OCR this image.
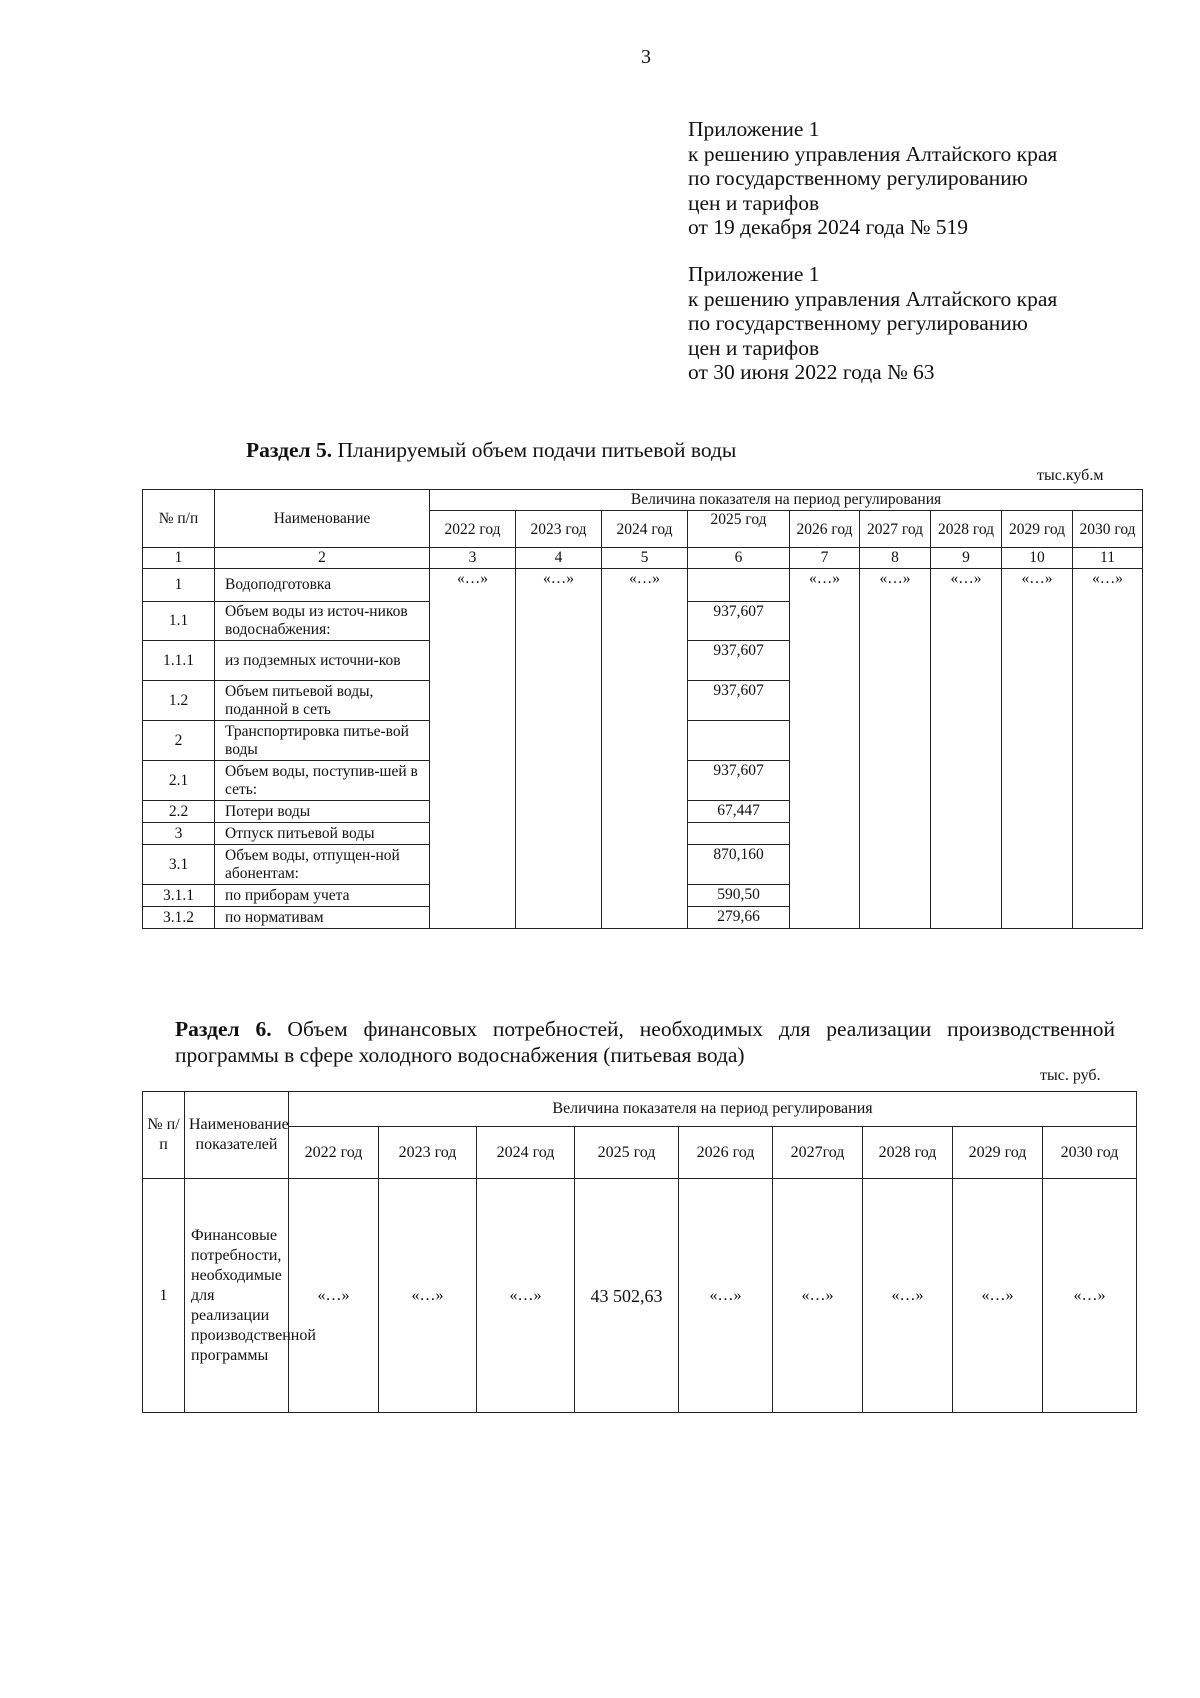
3
Приложение 1
к решению управления Алтайского края
по государственному регулированию
цен и тарифов
от 19 декабря 2024 года № 519
Приложение 1
к решению управления Алтайского края
по государственному регулированию
цен и тарифов
от 30 июня 2022 года № 63
Раздел 5. Планируемый объем подачи питьевой воды
тыс.куб.м
№ п/п	Наименование	Величина показателя на период регулирования								
		2022 год	2023 год	2024 год	2025 год	2026 год	2027 год	2028 год	2029 год	2030 год
1	2	3	4	5	6	7	8	9	10	11
1	Водоподготовка	«…»	«…»	«…»		«…»	«…»	«…»	«…»	«…»
1.1	Объем воды из источ-ников водоснабжения:				937,607					
1.1.1	из подземных источни-ков				937,607					
1.2	Объем питьевой воды, поданной в сеть				937,607					
2	Транспортировка питье-вой воды									
2.1	Объем воды, поступив-шей в сеть:				937,607					
2.2	Потери воды				67,447					
3	Отпуск питьевой воды									
3.1	Объем воды, отпущен-ной абонентам:				870,160					
3.1.1	по приборам учета				590,50					
3.1.2	по нормативам				279,66					
Раздел 6. Объем финансовых потребностей, необходимых для реализации производственной программы в сфере холодного водоснабжения (питьевая вода)
тыс. руб.
№ п/ п	Наименование показателей	Величина показателя на период регулирования								
		2022 год	2023 год	2024 год	2025 год	2026 год	2027год	2028 год	2029 год	2030 год
1	Финансовые потребности, необходимые для реализации производственной программы	«…»	«…»	«…»	43 502,63	«…»	«…»	«…»	«…»	«…»
